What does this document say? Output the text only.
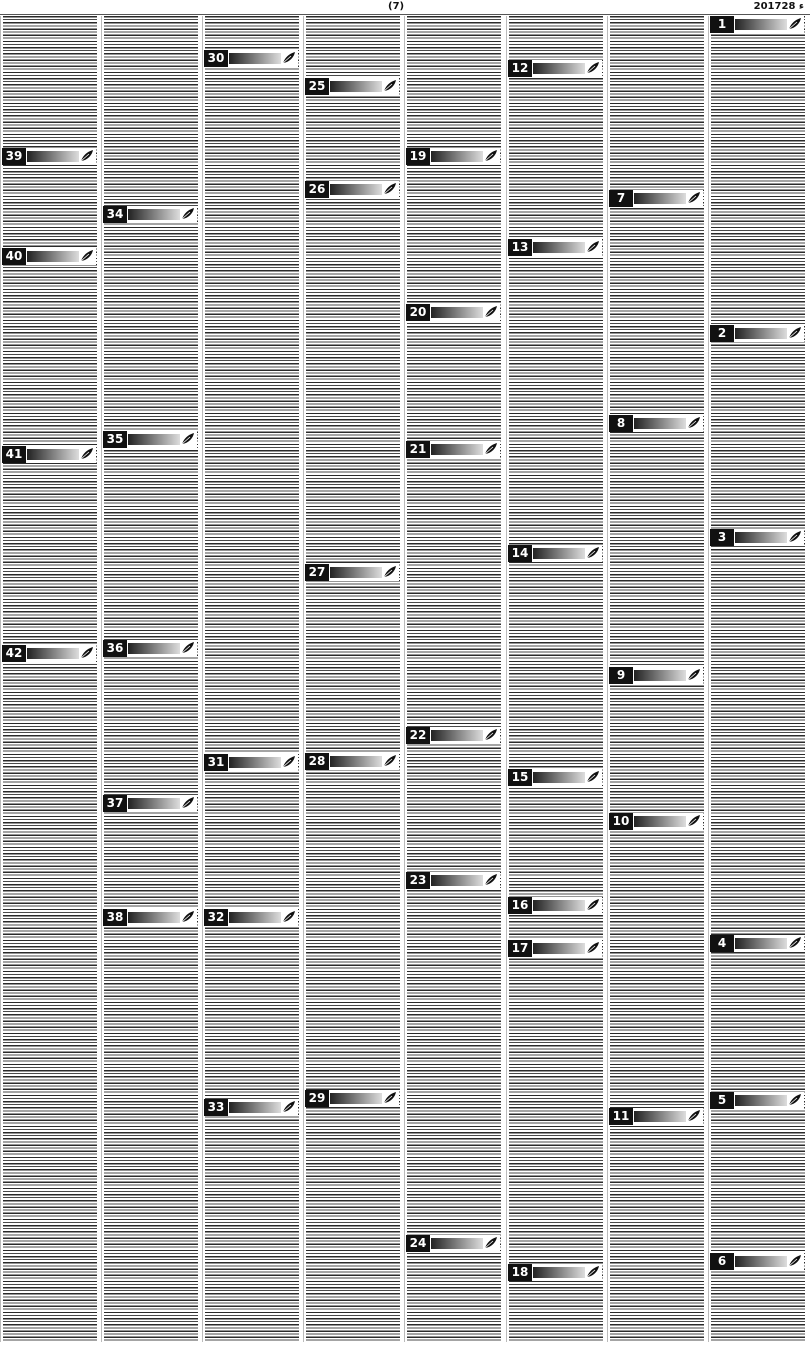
(7)	2017ء 28
39
40
41
42
34
35
36
37
38
30
31
32
33
25
26
27
28
29
19
20
21
22
23
24
12
13
14
15
16
17
18
7
8
9
10
11
1
2
3
4
5
6
